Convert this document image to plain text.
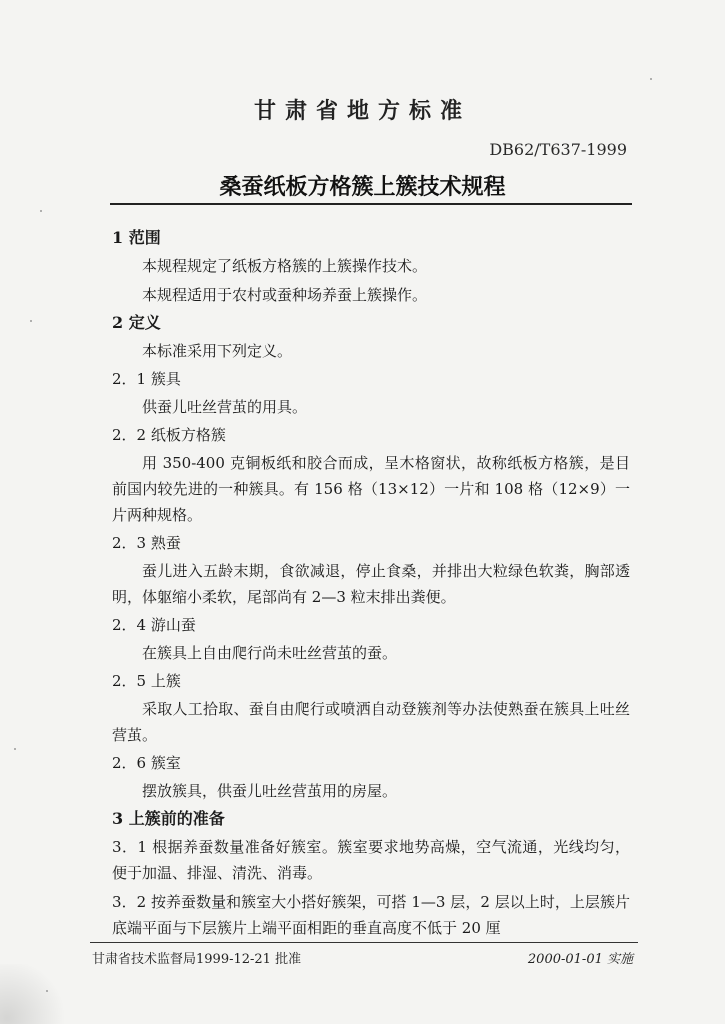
甘肃省地方标准
DB62/T637-1999
桑蚕纸板方格簇上簇技术规程
1 范围
本规程规定了纸板方格簇的上簇操作技术。
本规程适用于农村或蚕种场养蚕上簇操作。
2 定义
本标准采用下列定义。
2．1 簇具
供蚕儿吐丝营茧的用具。
2．2 纸板方格簇
用 350-400 克铜板纸和胶合而成，呈木格窗状，故称纸板方格簇，是目前国内较先进的一种簇具。有 156 格（13×12）一片和 108 格（12×9）一片两种规格。
2．3 熟蚕
蚕儿进入五龄末期，食欲减退，停止食桑，并排出大粒绿色软粪，胸部透明，体躯缩小柔软，尾部尚有 2—3 粒末排出粪便。
2．4 游山蚕
在簇具上自由爬行尚未吐丝营茧的蚕。
2．5 上簇
采取人工拾取、蚕自由爬行或喷洒自动登簇剂等办法使熟蚕在簇具上吐丝营茧。
2．6 簇室
摆放簇具，供蚕儿吐丝营茧用的房屋。
3 上簇前的准备
3．1 根据养蚕数量准备好簇室。簇室要求地势高燥，空气流通，光线均匀，便于加温、排湿、清洗、消毒。
3．2 按养蚕数量和簇室大小搭好簇架，可搭 1—3 层，2 层以上时，上层簇片底端平面与下层簇片上端平面相距的垂直高度不低于 20 厘
甘肃省技术监督局1999-12-21 批准	2000-01-01 实施
